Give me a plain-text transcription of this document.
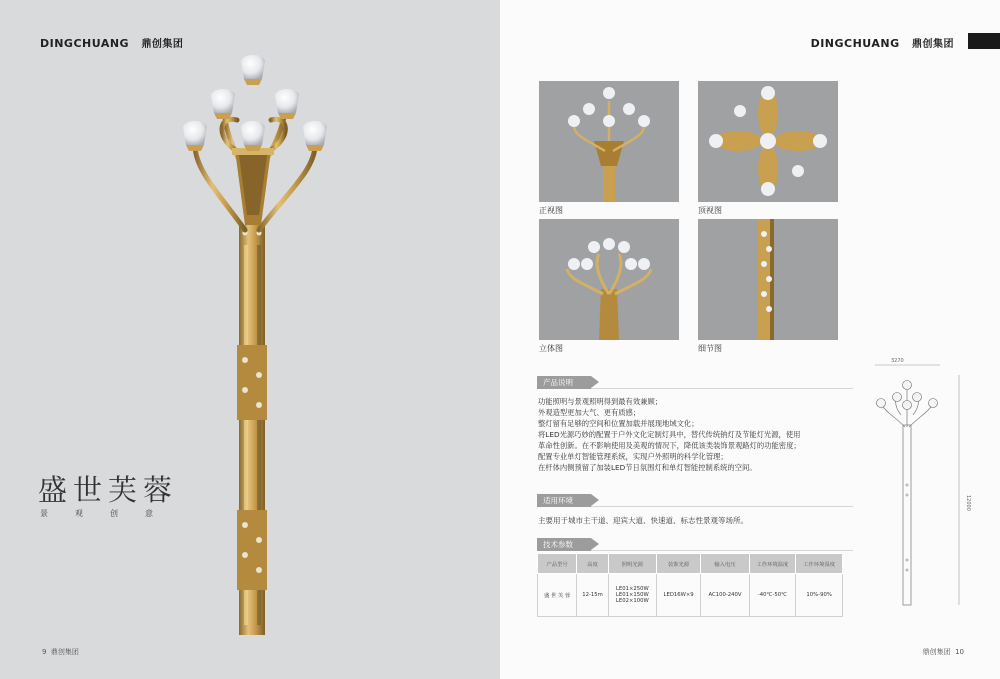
DINGCHUANG 鼎创集团
盛世芙蓉
景	观	创	意
9 鼎创集团
DINGCHUANG 鼎创集团
正视图	顶视图
立体图	细节图
产品说明
功能照明与景观照明得到最有效兼顾；
外观造型更加大气、更有质感；
整灯留有足够的空间和位置加载并展现地域文化；
将LED光源巧妙的配置于户外文化定制灯具中，替代传统钠灯及节能灯光源，使用
革命性创新。在不影响使用及美观的情况下，降低该类装饰景观路灯的功能密度；
配置专业单灯智能管理系统，实现户外照明的科学化管理；
在杆体内侧预留了加装LED节日氛围灯和单灯智能控制系统的空间。
适用环境
主要用于城市主干道、迎宾大道、快速道、标志性景观等场所。
技术参数
产品型号	高度	照明光源	装饰光源	输入电压	工作环境温度	工作环境湿度
盛 世 芙 蓉	12-15m	LE01×250W
LE01×150W
LE02×100W	LED16W×9	AC100-240V	-40℃-50℃	10%-90%
3270
12000
鼎创集团 10
